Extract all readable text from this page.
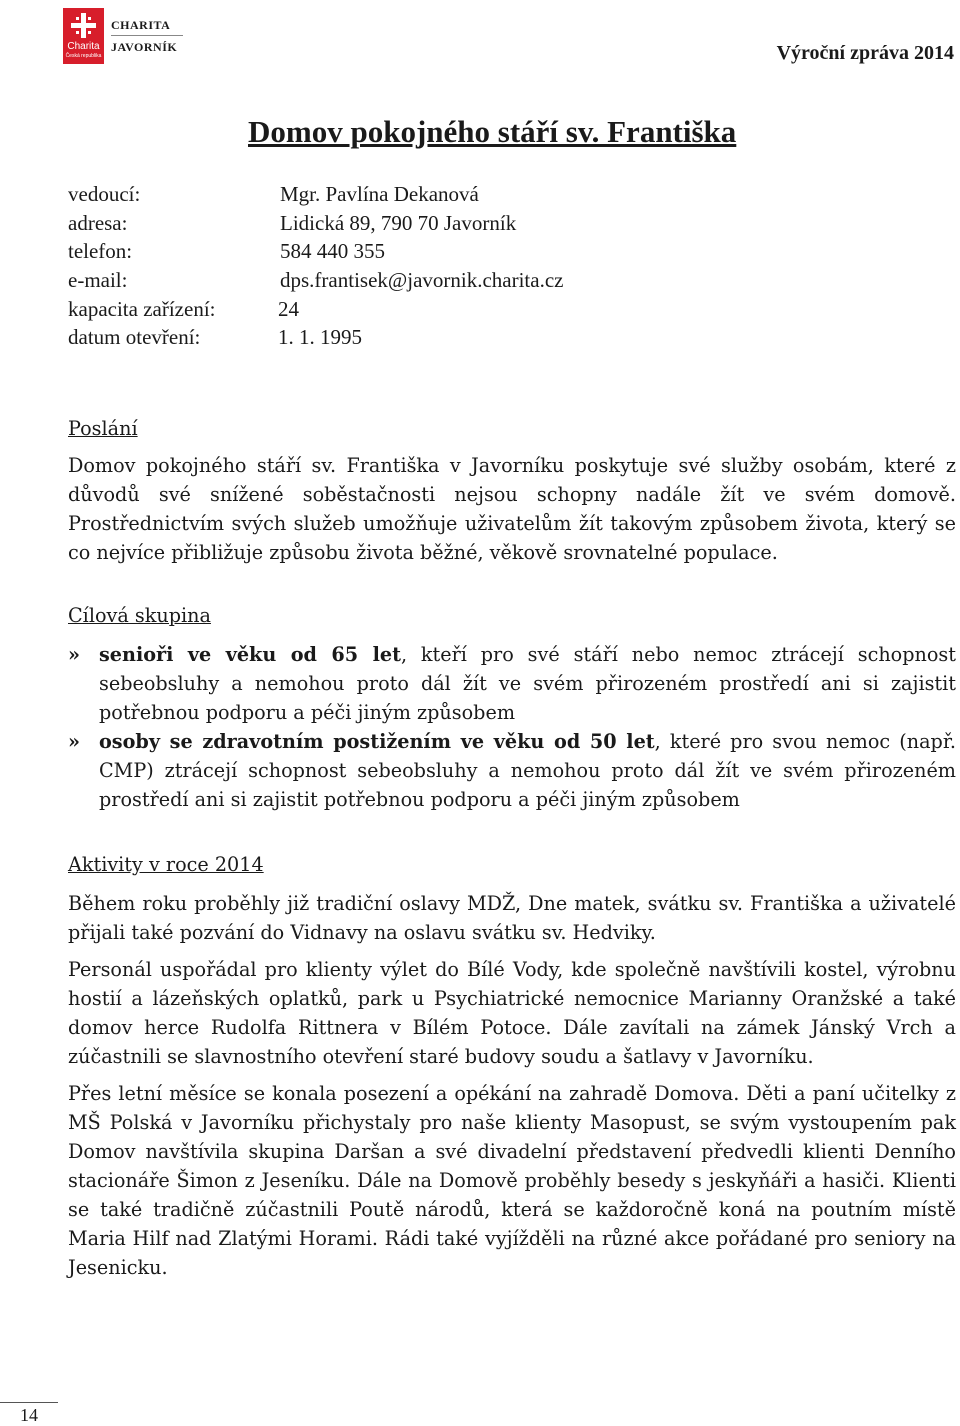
Charita
Česká republika
CHARITA
JAVORNÍK	Výroční zpráva 2014
Domov pokojného stáří sv. Františka
vedoucí:	Mgr. Pavlína Dekanová
adresa:	Lidická 89, 790 70 Javorník
telefon:	584 440 355
e-mail:	dps.frantisek@javornik.charita.cz
kapacita zařízení:	24
datum otevření:	1. 1. 1995
Poslání
Domov pokojného stáří sv. Františka v Javorníku poskytuje své služby osobám, které z důvodů své snížené soběstačnosti nejsou schopny nadále žít ve svém domově. Prostřednictvím svých služeb umožňuje uživatelům žít takovým způsobem života, který se co nejvíce přibližuje způsobu života běžné, věkově srovnatelné populace.
Cílová skupina
» senioři ve věku od 65 let, kteří pro své stáří nebo nemoc ztrácejí schopnost sebeobsluhy a nemohou proto dál žít ve svém přirozeném prostředí ani si zajistit potřebnou podporu a péči jiným způsobem
» osoby se zdravotním postižením ve věku od 50 let, které pro svou nemoc (např. CMP) ztrácejí schopnost sebeobsluhy a nemohou proto dál žít ve svém přirozeném prostředí ani si zajistit potřebnou podporu a péči jiným způsobem
Aktivity v roce 2014

Během roku proběhly již tradiční oslavy MDŽ, Dne matek, svátku sv. Františka a uživatelé přijali také pozvání do Vidnavy na oslavu svátku sv. Hedviky.

Personál uspořádal pro klienty výlet do Bílé Vody, kde společně navštívili kostel, výrobnu hostií a lázeňských oplatků, park u Psychiatrické nemocnice Marianny Oranžské a také domov herce Rudolfa Rittnera v Bílém Potoce. Dále zavítali na zámek Jánský Vrch a zúčastnili se slavnostního otevření staré budovy soudu a šatlavy v Javorníku.

Přes letní měsíce se konala posezení a opékání na zahradě Domova. Děti a paní učitelky z MŠ Polská v Javorníku přichystaly pro naše klienty Masopust, se svým vystoupením pak Domov navštívila skupina Daršan a své divadelní představení předvedli klienti Denního stacionáře Šimon z Jeseníku. Dále na Domově proběhly besedy s jeskyňáři a hasiči. Klienti se také tradičně zúčastnili Poutě národů, která se každoročně koná na poutním místě Maria Hilf nad Zlatými Horami. Rádi také vyjížděli na různé akce pořádané pro seniory na Jesenicku.

14
